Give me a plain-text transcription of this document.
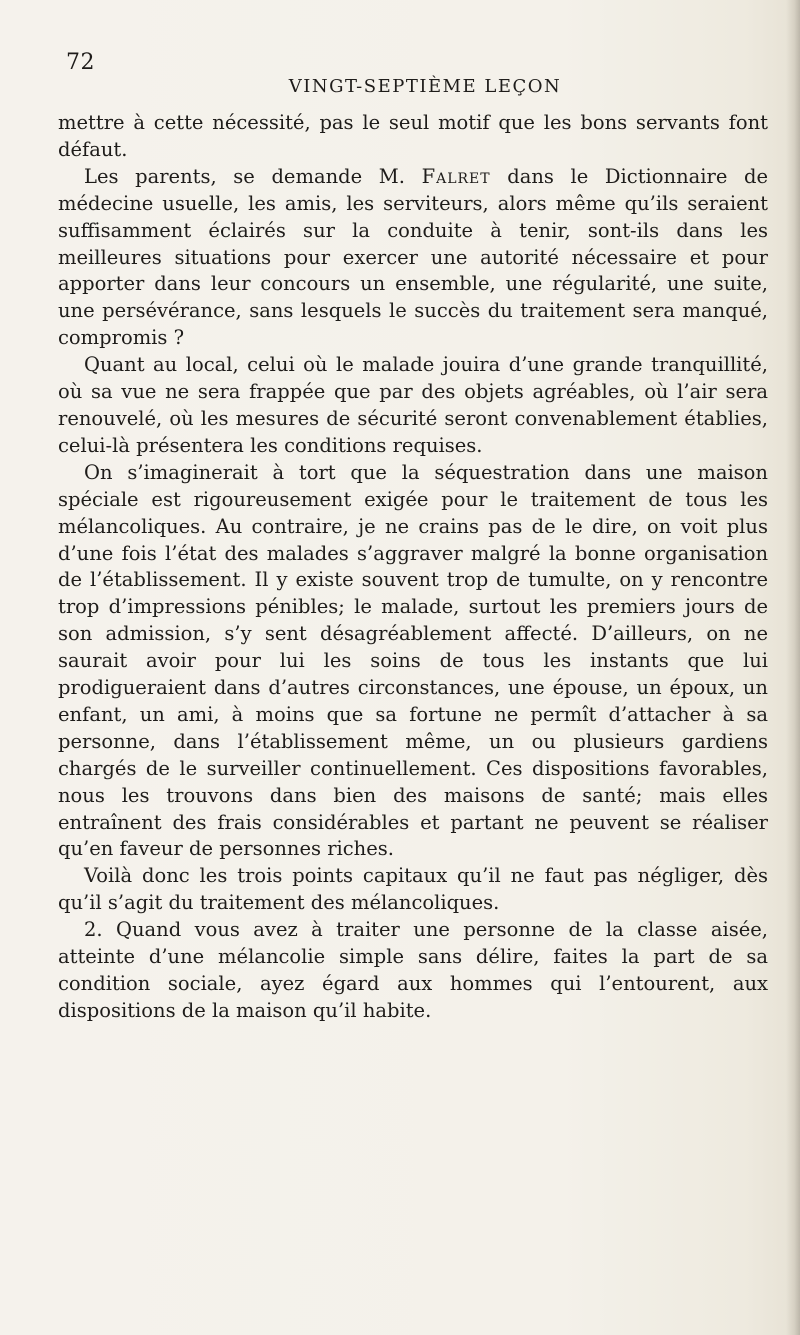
72
VINGT-SEPTIÈME LEÇON

mettre à cette nécessité, pas le seul motif que les bons servants font défaut.

Les parents, se demande M. Falret dans le Dictionnaire de médecine usuelle, les amis, les serviteurs, alors même qu’ils seraient suffisamment éclairés sur la conduite à tenir, sont-ils dans les meilleures situations pour exercer une autorité nécessaire et pour apporter dans leur concours un ensemble, une régularité, une suite, une persévérance, sans lesquels le succès du traitement sera manqué, compromis ?

Quant au local, celui où le malade jouira d’une grande tranquillité, où sa vue ne sera frappée que par des objets agréables, où l’air sera renouvelé, où les mesures de sécurité seront convenablement établies, celui-là présentera les conditions requises.

On s’imaginerait à tort que la séquestration dans une maison spéciale est rigoureusement exigée pour le traitement de tous les mélancoliques. Au contraire, je ne crains pas de le dire, on voit plus d’une fois l’état des malades s’aggraver malgré la bonne organisation de l’établissement. Il y existe souvent trop de tumulte, on y rencontre trop d’impressions pénibles; le malade, surtout les premiers jours de son admission, s’y sent désagréablement affecté. D’ailleurs, on ne saurait avoir pour lui les soins de tous les instants que lui prodigueraient dans d’autres circonstances, une épouse, un époux, un enfant, un ami, à moins que sa fortune ne permît d’attacher à sa personne, dans l’établissement même, un ou plusieurs gardiens chargés de le surveiller continuellement. Ces dispositions favorables, nous les trouvons dans bien des maisons de santé; mais elles entraînent des frais considérables et partant ne peuvent se réaliser qu’en faveur de personnes riches.

Voilà donc les trois points capitaux qu’il ne faut pas négliger, dès qu’il s’agit du traitement des mélancoliques.

2. Quand vous avez à traiter une personne de la classe aisée, atteinte d’une mélancolie simple sans délire, faites la part de sa condition sociale, ayez égard aux hommes qui l’entourent, aux dispositions de la maison qu’il habite.
